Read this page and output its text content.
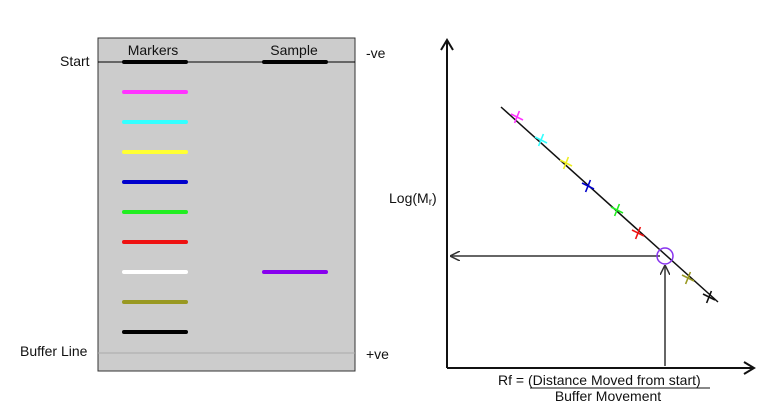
Markers	Sample
Start
Buffer Line
-ve
+ve
Log(Mr)
Rf = (Distance Moved from start)
Buffer Movement
